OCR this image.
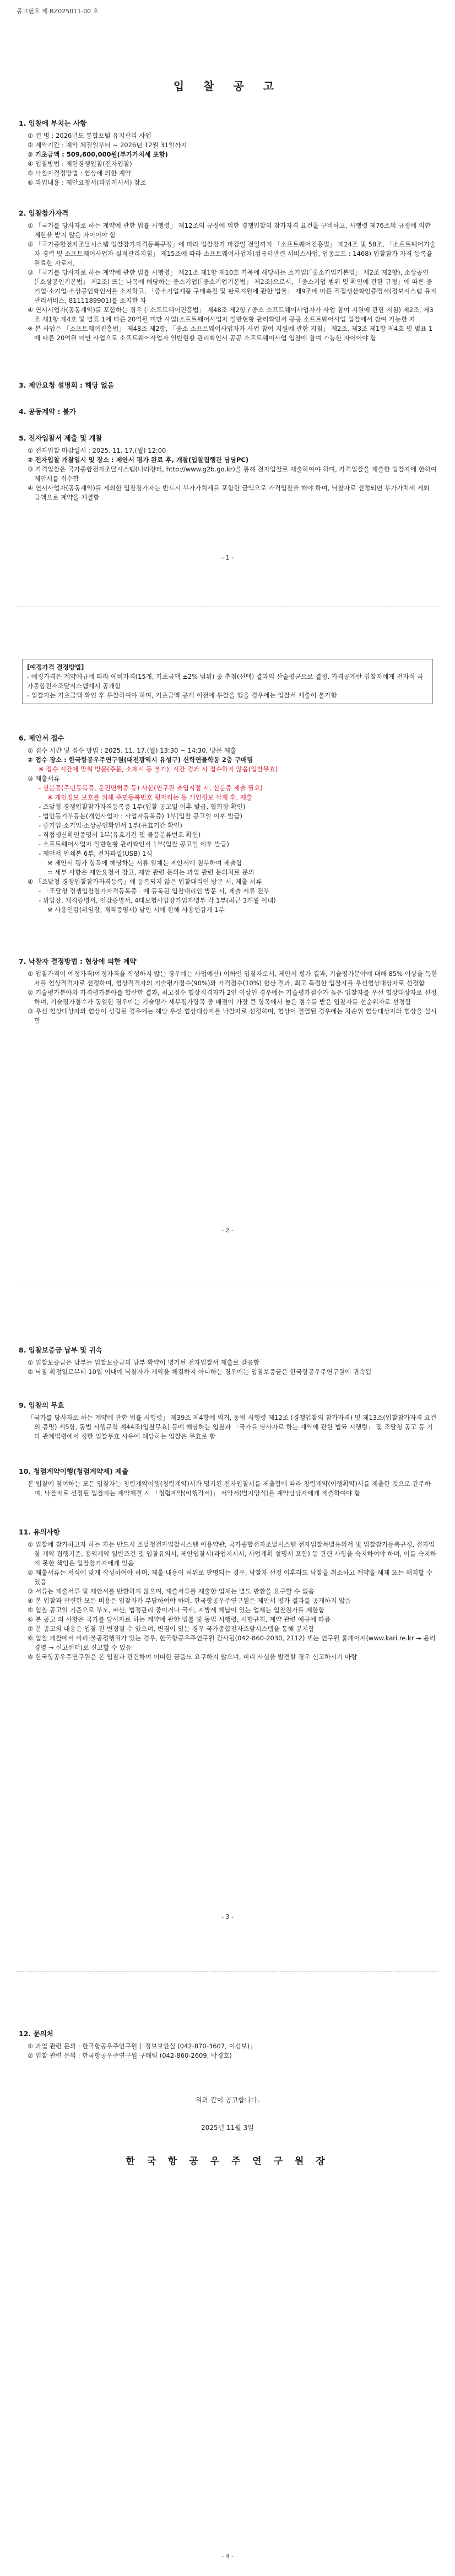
공고번호 제 BZ025011-00 호
입 찰 공 고
1. 입찰에 부치는 사항

① 건 명 : 2026년도 통합포털 유지관리 사업

② 계약기간 : 계약 체결일부터 ~ 2026년 12월 31일까지

③ 기초금액 : 509,600,000원(부가가치세 포함)

④ 입찰방법 : 제한경쟁입찰(전자입찰)

⑤ 낙찰자결정방법 : 협상에 의한 계약

⑥ 과업내용 : 제안요청서(과업지시서) 참조

2. 입찰참가자격

① 「국가를 당사자로 하는 계약에 관한 법률 시행령」 제12조의 규정에 의한 경쟁입찰의 참가자격 요건을 구비하고, 시행령 제76조의 규정에 의한 제한을 받지 않은 자이어야 함

② 「국가종합전자조달시스템 입찰참가자격등록규정」에 따라 입찰참가 마감일 전일까지 「소프트웨어진흥법」 제24조 및 58조, 「소프트웨어기술자 경력 및 소프트웨어사업자 실적관리지침」 제15조에 따라 소프트웨어사업자(컴퓨터관련 서비스사업, 업종코드 : 1468) 입찰참가 자격 등록을 완료한 자로서,

③ 「국가를 당사자로 하는 계약에 관한 법률 시행령」 제21조 제1항 제10호 가목에 해당하는 소기업(「중소기업기본법」 제2조 제2항), 소상공인(「소상공인기본법」 제2조) 또는 나목에 해당하는 중소기업(「중소기업기본법」 제2조)으로서, 「중소기업 범위 및 확인에 관한 규정」에 따른 중기업·소기업·소상공인확인서를 소지하고, 「중소기업제품 구매촉진 및 판로지원에 관한 법률」 제9조에 따른 직접생산확인증명서(정보시스템 유지관리서비스, 8111189901)를 소지한 자

④ 연서시업자(공동계약)를 포함하는 경우 (「소프트웨어진흥법」 제48조 제2항 / 중소 소프트웨어사업자가 사업 참여 지원에 관한 지침) 제2조, 제3조 제1항 제4호 및 별표 1에 따른 20억원 미만 사업(소프트웨어사업자 일반현황 관리확인서 공공 소프트웨어사업 입찰에서 참여 가능한 자

※ 본 사업은 「소프트웨어진흥법」 제48조 제2항, 「중소 소프트웨어사업자가 사업 참여 지원에 관한 지침」 제2조, 제3조 제1항 제4호 및 별표 1에 따른 20억원 미만 사업으로 소프트웨어사업자 일반현황 관리확인서 공공 소프트웨어사업 입찰에 참여 가능한 자이어야 함

3. 제안요청 설명회 : 해당 없음
4. 공동계약 : 불가
5. 전자입찰서 제출 및 개찰

① 전자입찰 마감일시 : 2025. 11. 17.(월) 12:00

② 전자입찰 개찰일시 및 장소 : 제안서 평가 완료 후, 개찰(입찰집행관 담당PC)

③ 가격입찰은 국가종합전자조달시스템(나라장터, http://www.g2b.go.kr)을 통해 전자입찰로 제출하여야 하며, 가격입찰을 제출한 입찰자에 한하여 제안서를 접수함

④ 연서사업자(공동계약)를 제외한 입찰참가자는 반드시 부가가치세를 포함한 금액으로 가격입찰을 해야 하며, 낙찰자로 선정되면 부가가치세 제외 금액으로 계약을 체결함

- 1 -
[예정가격 결정방법]
- 예정가격은 계약예규에 따라 예비가격(15개, 기초금액 ±2% 범위) 중 추첨(선택) 결과의 산술평균으로 결정, 가격공개란 입찰자에게 전자적 국가종합전자조달시스템에서 공개함
- 입찰자는 기초금액 확인 후 투찰하여야 하며, 기초금액 공개 이전에 투찰을 했을 경우에는 입찰서 제출이 불가함
6. 제안서 접수

① 접수 시간 및 접수 방법 : 2025. 11. 17.(월) 13:30 ~ 14:30, 방문 제출

② 접수 장소 : 한국항공우주연구원(대전광역시 유성구) 신학연물학동 2층 구매팀

※ 접수 시간에 맞춰 방문(주문, 소체시 등 불가), 시간 경과 시 접수하지 않음(입찰무효)

③ 제출서류

- 신분증(주민등록증, 운전면허증 등) 사본(연구원 출입시점 시, 신분증 제출 필요)

※ 개인정보 보호를 위해 주민등록번호 뒷자리는 등 개인정보 삭제 후, 제출

- 조달청 경쟁입찰참가자격등록증 1부(입찰 공고일 이후 발급, 협회장 확인)

- 법인등기부등본(개인사업자 : 사업자등록증) 1부(입찰 공고일 이후 발급)

- 중기업·소기업·소상공인확인서 1부(유효기간 확인)

- 직접생산확인증명서 1부(유효기간 및 물품분류번호 확인)

- 소프트웨어사업자 일반현황 관리확인서 1부(입찰 공고일 이후 발급)

- 제안서 인쇄본 6부, 전자파일(USB) 1식

※ 제안서 평가 항목에 해당하는 서류 일체는 제안서에 첨부하여 제출함

= 세부 사항은 제안요청서 참고, 제안 관련 문의는 과업 관련 문의처로 문의

④ 「조달청 경쟁입찰참가자격등록」에 등록되지 않은 입찰대리인 방문 시, 제출 서류

- 「조달청 경쟁입찰참가자격등록증」에 등록된 입찰대리인 방문 시, 제출 서류 전부

- 위임장, 재직증명서, 인감증명서, 4대보험사업장가입자명부 각 1부(최근 3개월 이내)

※ 사용인감(위임장, 재직증명서) 날인 시에 한해 사용인감계 1부

7. 낙찰자 결정방법 : 협상에 의한 계약

① 입찰가격이 예정가격(예정가격을 작성하지 않는 경우에는 사업예산) 이하인 입찰자로서, 제안서 평가 결과, 기술평가분야에 대해 85% 이상을 득한 자를 협상적격자로 선정하며, 협상적격자의 기술평가점수(90%)와 가격점수(10%) 합산 결과, 최고 득점한 입찰자를 우선협상대상자로 선정함

② 기술평가분야와 가격평가분야를 합산한 결과, 최고점수 협상적격자가 2인 이상인 경우에는 기술평가점수가 높은 입찰자를 우선 협상대상자로 선정하며, 기술평가점수가 동일한 경우에는 기술평가 세부평가항목 중 배점이 가장 큰 항목에서 높은 점수를 받은 입찰자를 선순위자로 선정함

③ 우선 협상대상자와 협상이 성립된 경우에는 해당 우선 협상대상자를 낙찰자로 선정하며, 협상이 결렬된 경우에는 차순위 협상대상자와 협상을 실시함

- 2 -
8. 입찰보증금 납부 및 귀속

① 입찰보증금은 납부는 입찰보증금의 납부 확약이 명기된 전자입찰서 제출로 갈음함

② 낙찰 확정일로부터 10일 이내에 낙찰자가 계약을 체결하지 아니하는 경우에는 입찰보증금은 한국항공우주연구원에 귀속됨

9. 입찰의 무효

「국가를 당사자로 하는 계약에 관한 법률 시행령」 제39조 제4항에 의거, 동법 시행령 제12조 (경쟁입찰의 참가자격) 및 제13조(입찰참가자격 요건의 증명) 제5항, 동법 시행규칙 제44조(입찰무효) 등에 해당하는 입찰과 「국가를 당사자로 하는 계약에 관한 법률 시행령」 및 조달청 공고 등 기타 관계법령에서 정한 입찰무효 사유에 해당하는 입찰은 무효로 함

10. 청렴계약이행(청렴계약제) 제출

본 입찰에 참여하는 모든 입찰자는 청렴계약이행(청렴계약)서가 명기된 전자입찰서를 제출함에 따라 청렴계약(이행확약)서를 제출한 것으로 간주하며, 낙찰자로 선정된 입찰자는 계약체결 시 「청렴계약(이행각서)」 서약서(별지양식)를 계약담당자에게 제출하여야 함

11. 유의사항

① 입찰에 참가하고자 하는 자는 반드시 조달청전자입찰시스템 이용약관, 국가종합전자조달시스템 전자입찰특별유의서 및 입찰참가등록규정, 전자입찰 계약 집행기준, 용역계약 일반조건 및 입찰유의서, 제안입찰서(과업지시서, 사업계획 설명서 포함) 등 관련 사항을 숙지하여야 하며, 이를 숙지하지 못한 책임은 입찰참가자에게 있음

② 제출서류는 서식에 맞게 작성하여야 하며, 제출 내용이 허위로 판명되는 경우, 낙찰자 선정 이후라도 낙찰을 취소하고 계약을 해제 또는 해지할 수 있음

③ 서류는 제출서류 및 제안서를 반환하지 않으며, 제출서류를 제출한 업체는 별도 반환을 요구할 수 없음

④ 본 입찰과 관련한 모든 비용은 입찰자가 부담하여야 하며, 한국항공우주연구원은 제안서 평가 결과를 공개하지 않음

⑤ 입찰 공고일 기준으로 부도, 파산, 법정관리 중이거나 국세, 지방세 체납이 있는 업체는 입찰참가를 제한함

⑥ 본 공고 외 사항은 국가를 당사자로 하는 계약에 관한 법률 및 동법 시행령, 시행규칙, 계약 관련 예규에 따름

⑦ 본 공고의 내용은 입찰 전 변경될 수 있으며, 변경이 있는 경우 국가종합전자조달시스템을 통해 공지함

⑧ 입찰 개찰에서 비리·불공정행위가 있는 경우, 한국항공우주연구원 감사팀(042-860-2030, 2112) 또는 연구원 홈페이지(www.kari.re.kr → 윤리경영 → 신고센터)로 신고할 수 있음

⑨ 한국항공우주연구원은 본 입찰과 관련하여 어떠한 금품도 요구하지 않으며, 비리 사실을 발견할 경우 신고하시기 바람

- 3 -
12. 문의처

① 과업 관련 문의 : 한국항공우주연구원 (「정보보안실 (042-870-3607, 이성보)」

② 입찰 관련 문의 : 한국항공우주연구원 구매팀 (042-860-2609, 박경호)

위와 같이 공고합니다.
2025년 11월 3일
한 국 항 공 우 주 연 구 원 장
- 4 -
